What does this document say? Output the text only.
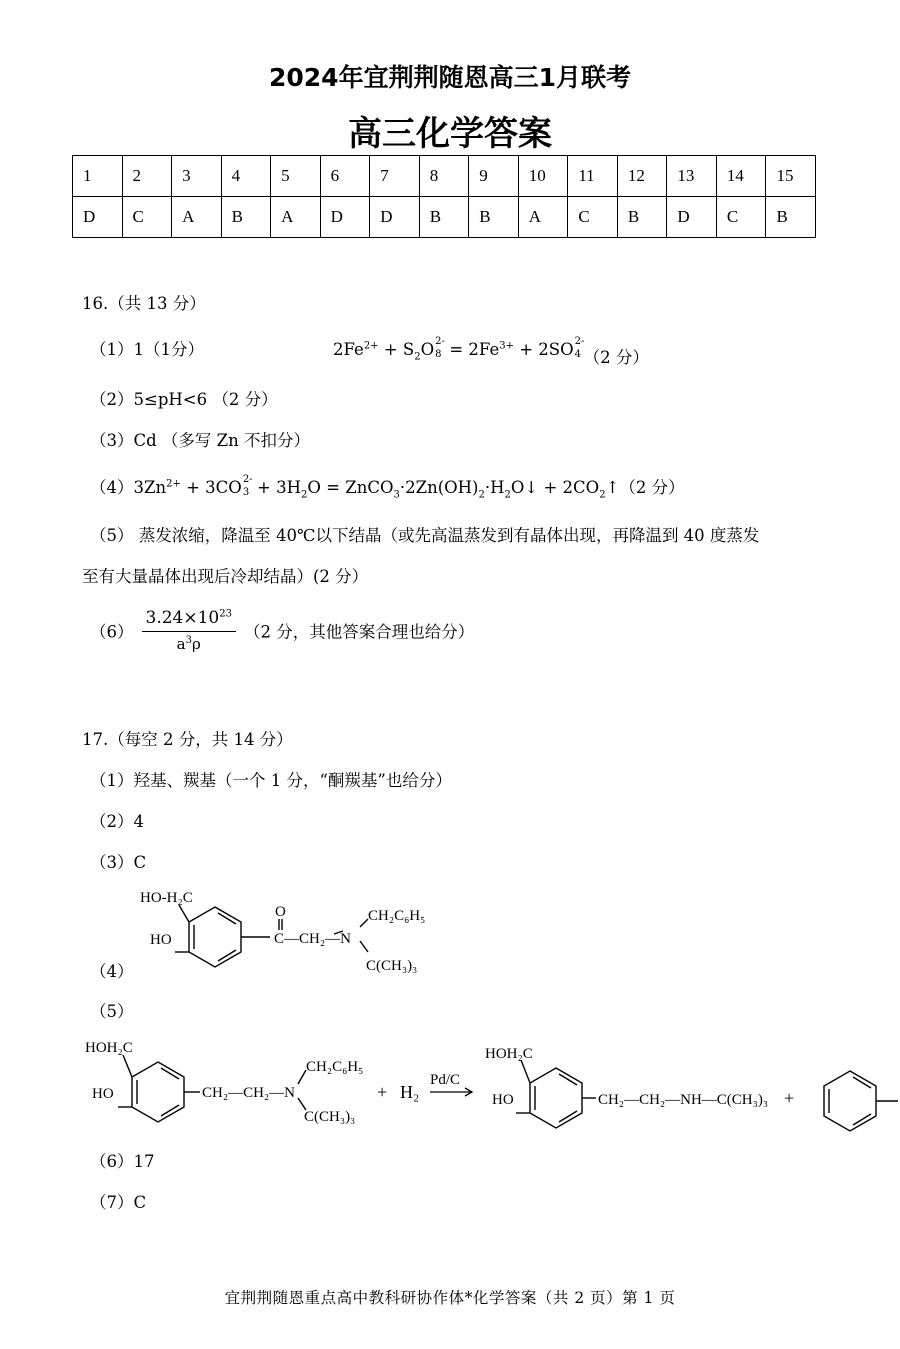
2024年宜荆荆随恩高三1月联考
高三化学答案
1	2	3	4	5	6	7	8	9	10	11	12	13	14	15
D	C	A	B	A	D	D	B	B	A	C	B	D	C	B
16.（共 13 分）
（1）1（1分）	$2Fe^{2+} + S_2O$ 2-
$8 = 2Fe^{3+} + 2SO$ 2-
4 （2 分）
（2）5≤pH<6 （2 分）
（3）Cd （多写 Zn 不扣分）
$(4)3Zn^{2+} + 3CO$ 2-
$3 + 3H_2O$ = $ZnCO_3\cdot 2Zn(OH)_2\cdot H_2O↓$ + $2CO_2↑(2$ 分）
（5） 蒸发浓缩，降温至 40℃以下结晶（或先高温蒸发到有晶体出现，再降温到 40 度蒸发
至有大量晶体出现后冷却结晶）(2 分）
$(6) \frac{3.24\times 10^{23}}{a^3\rho} (2$ 分，其他答案合理也给分）
17.（每空 2 分，共 14 分）
（1）羟基、羰基（一个 1 分，“酮羰基”也给分）
（2）4
（3）C
HO-H₂C
HO
O
C—CH₂—N
CH₂C₆H₅
C(CH₃)₃
（4）
（5）
HOH₂C
HO	CH₂—CH₂—N
CH₂C₆H₅
C(CH₃)₃
+ H₂
Pd/C
HOH₂C
HO	CH₂—CH₂—NH—C(CH₃)₃ +
（6）17
（7）C
宜荆荆随恩重点高中教科研协作体*化学答案（共 2 页）第 1 页
